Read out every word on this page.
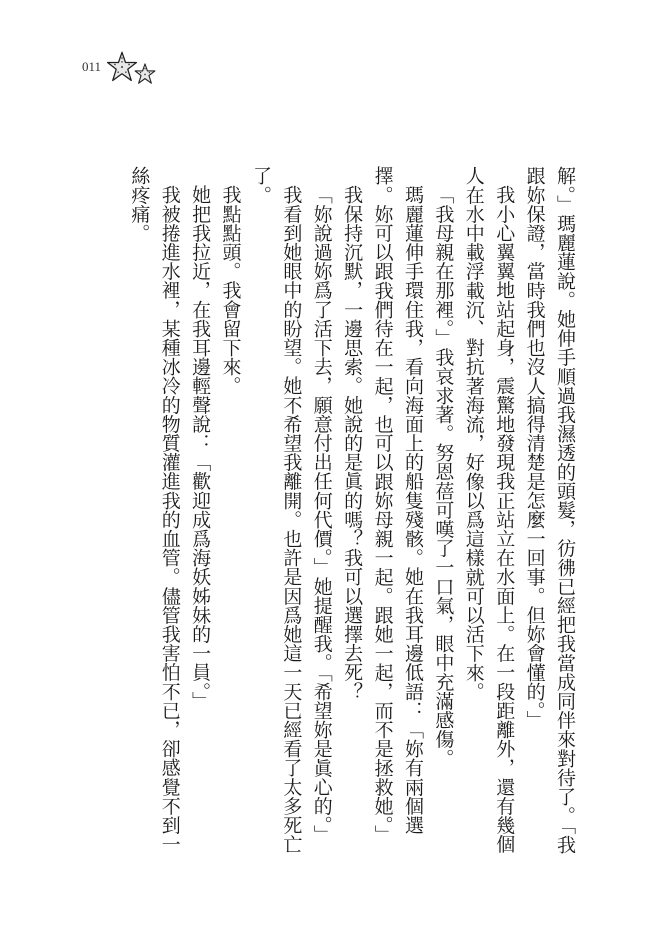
011

解。」瑪麗蓮說。她伸手順過我濕透的頭髮，彷彿已經把我當成同伴來對待了。「我跟妳保證，當時我們也沒人搞得清楚是怎麼一回事。但妳會懂的。」

我小心翼翼地站起身，震驚地發現我正站立在水面上。在一段距離外，還有幾個人在水中載浮載沉、對抗著海流，好像以爲這樣就可以活下來。

「我母親在那裡。」我哀求著。努恩蓓可嘆了一口氣，眼中充滿感傷。

瑪麗蓮伸手環住我，看向海面上的船隻殘骸。她在我耳邊低語：「妳有兩個選擇。妳可以跟我們待在一起，也可以跟妳母親一起。跟她一起，而不是拯救她。」

我保持沉默，一邊思索。她說的是眞的嗎？我可以選擇去死？

「妳說過妳爲了活下去，願意付出任何代價。」她提醒我。「希望妳是眞心的。」

我看到她眼中的盼望。她不希望我離開。也許是因爲她這一天已經看了太多死亡了。

我點點頭。我會留下來。

她把我拉近，在我耳邊輕聲說：「歡迎成爲海妖姊妹的一員。」

我被捲進水裡，某種冰冷的物質灌進我的血管。儘管我害怕不已，卻感覺不到一絲疼痛。
